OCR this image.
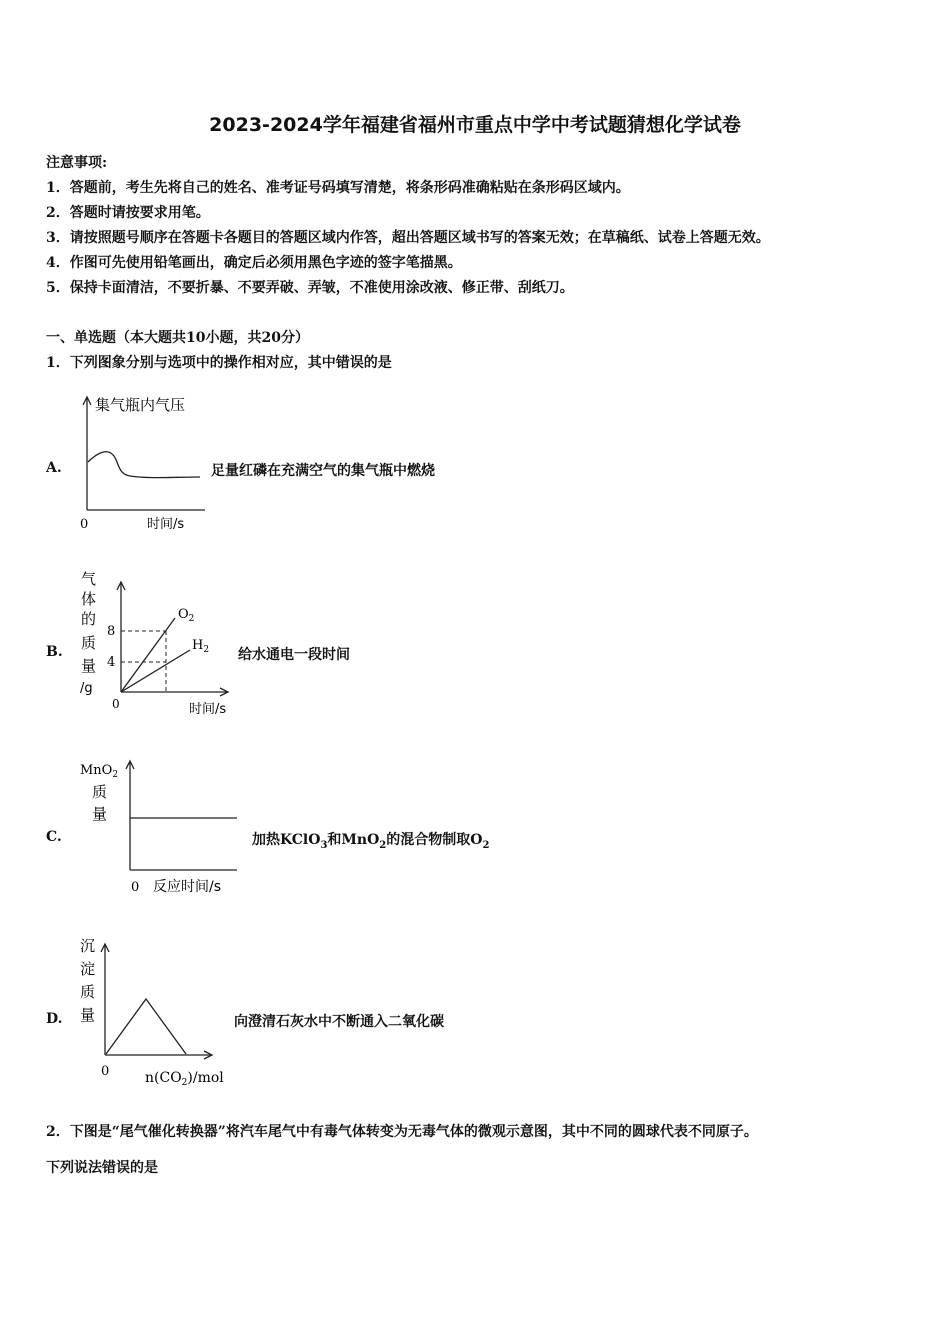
2023-2024学年福建省福州市重点中学中考试题猜想化学试卷
注意事项:
1．答题前，考生先将自己的姓名、准考证号码填写清楚，将条形码准确粘贴在条形码区域内。
2．答题时请按要求用笔。
3．请按照题号顺序在答题卡各题目的答题区域内作答，超出答题区域书写的答案无效；在草稿纸、试卷上答题无效。
4．作图可先使用铅笔画出，确定后必须用黑色字迹的签字笔描黑。
5．保持卡面清洁，不要折暴、不要弄破、弄皱，不准使用涂改液、修正带、刮纸刀。
一、单选题（本大题共10小题，共20分）
1．下列图象分别与选项中的操作相对应，其中错误的是
A.
集气瓶内气压
0	时间/s
足量红磷在充满空气的集气瓶中燃烧
B.
气
体
的
质
量
/g
8
4
0	时间/s
$O_2$
$H_2$ 给水通电一段时间
C.
MnO$_2$
质
量
0 反应时间/s
加热KClO$_3$和MnO$_2$的混合物制取$O_2$
D.
沉
淀
质
量
0	$n(CO_2)$/mol
向澄清石灰水中不断通入二氧化碳
2．下图是“尾气催化转换器”将汽车尾气中有毒气体转变为无毒气体的微观示意图，其中不同的圆球代表不同原子。
下列说法错误的是
